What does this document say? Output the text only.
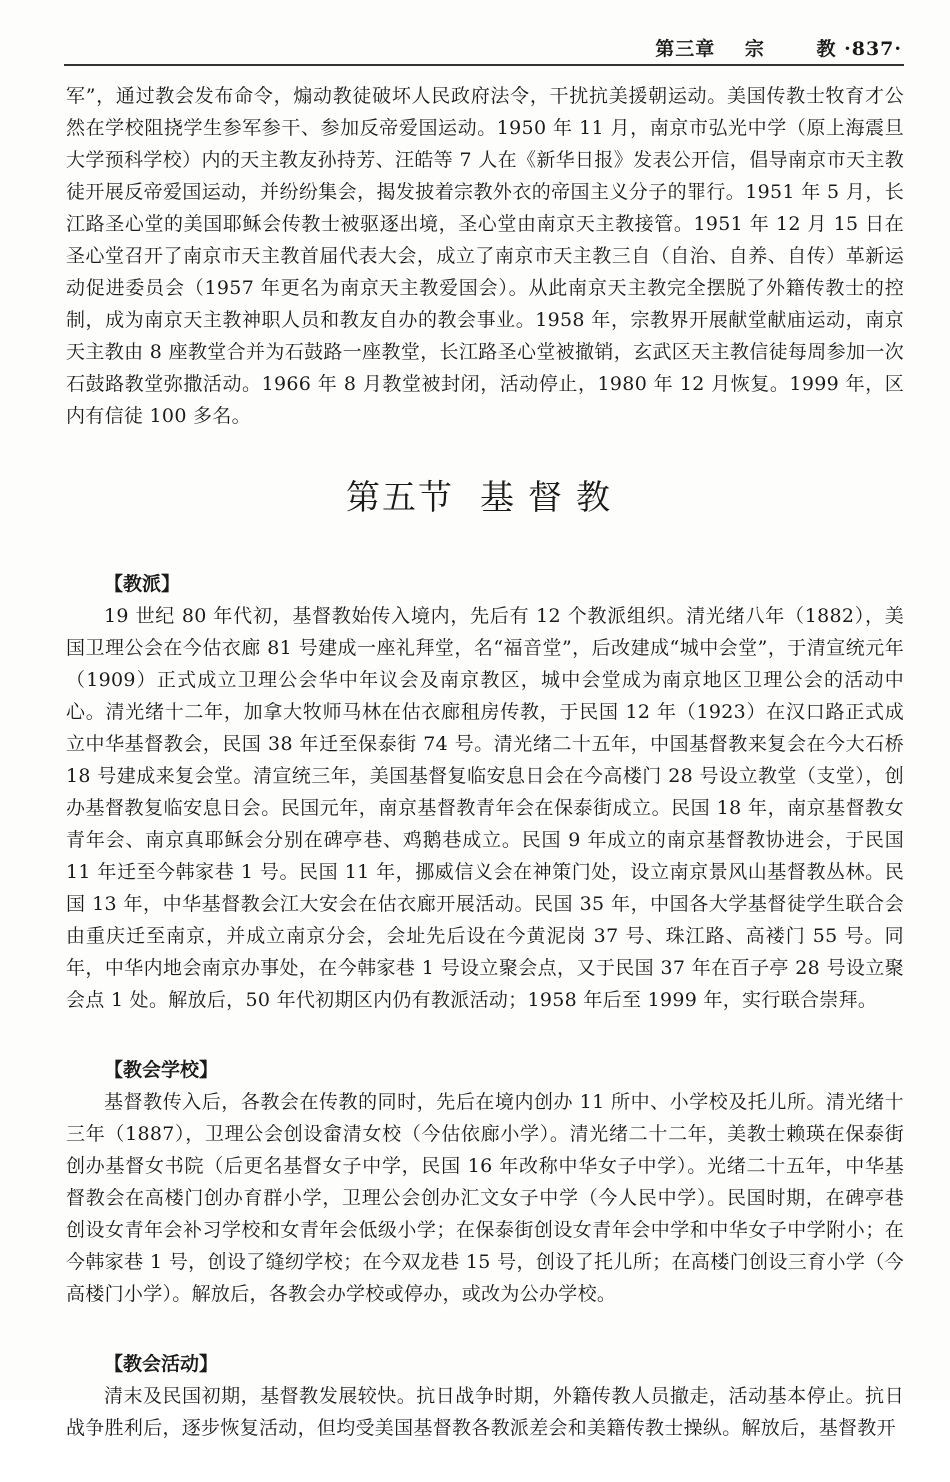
第三章 宗	教 ·837·

军”，通过教会发布命令，煽动教徒破坏人民政府法令，干扰抗美援朝运动。美国传教士牧育才公然在学校阻挠学生参军参干、参加反帝爱国运动。1950 年 11 月，南京市弘光中学（原上海震旦大学预科学校）内的天主教友孙持芳、汪皓等 7 人在《新华日报》发表公开信，倡导南京市天主教徒开展反帝爱国运动，并纷纷集会，揭发披着宗教外衣的帝国主义分子的罪行。1951 年 5 月，长江路圣心堂的美国耶稣会传教士被驱逐出境，圣心堂由南京天主教接管。1951 年 12 月 15 日在圣心堂召开了南京市天主教首届代表大会，成立了南京市天主教三自（自治、自养、自传）革新运动促进委员会（1957 年更名为南京天主教爱国会）。从此南京天主教完全摆脱了外籍传教士的控制，成为南京天主教神职人员和教友自办的教会事业。1958 年，宗教界开展献堂献庙运动，南京天主教由 8 座教堂合并为石鼓路一座教堂，长江路圣心堂被撤销，玄武区天主教信徒每周参加一次石鼓路教堂弥撒活动。1966 年 8 月教堂被封闭，活动停止，1980 年 12 月恢复。1999 年，区内有信徒 100 多名。

第五节 基督教

【教派】

19 世纪 80 年代初，基督教始传入境内，先后有 12 个教派组织。清光绪八年（1882），美国卫理公会在今估衣廊 81 号建成一座礼拜堂，名“福音堂”，后改建成“城中会堂”，于清宣统元年（1909）正式成立卫理公会华中年议会及南京教区，城中会堂成为南京地区卫理公会的活动中心。清光绪十二年，加拿大牧师马林在估衣廊租房传教，于民国 12 年（1923）在汉口路正式成立中华基督教会，民国 38 年迁至保泰街 74 号。清光绪二十五年，中国基督教来复会在今大石桥 18 号建成来复会堂。清宣统三年，美国基督复临安息日会在今高楼门 28 号设立教堂（支堂），创办基督教复临安息日会。民国元年，南京基督教青年会在保泰街成立。民国 18 年，南京基督教女青年会、南京真耶稣会分别在碑亭巷、鸡鹅巷成立。民国 9 年成立的南京基督教协进会，于民国 11 年迁至今韩家巷 1 号。民国 11 年，挪威信义会在神策门处，设立南京景风山基督教丛林。民国 13 年，中华基督教会江大安会在估衣廊开展活动。民国 35 年，中国各大学基督徒学生联合会由重庆迁至南京，并成立南京分会，会址先后设在今黄泥岗 37 号、珠江路、高褛门 55 号。同年，中华内地会南京办事处，在今韩家巷 1 号设立聚会点，又于民国 37 年在百子亭 28 号设立聚会点 1 处。解放后，50 年代初期区内仍有教派活动；1958 年后至 1999 年，实行联合崇拜。

【教会学校】

基督教传入后，各教会在传教的同时，先后在境内创办 11 所中、小学校及托儿所。清光绪十三年（1887），卫理公会创设畲清女校（今估依廊小学）。清光绪二十二年，美教士赖瑛在保泰街创办基督女书院（后更名基督女子中学，民国 16 年改称中华女子中学）。光绪二十五年，中华基督教会在高楼门创办育群小学，卫理公会创办汇文女子中学（今人民中学）。民国时期，在碑亭巷创设女青年会补习学校和女青年会低级小学；在保泰街创设女青年会中学和中华女子中学附小；在今韩家巷 1 号，创设了缝纫学校；在今双龙巷 15 号，创设了托儿所；在高楼门创设三育小学（今高楼门小学）。解放后，各教会办学校或停办，或改为公办学校。

【教会活动】

清末及民国初期，基督教发展较快。抗日战争时期，外籍传教人员撤走，活动基本停止。抗日战争胜利后，逐步恢复活动，但均受美国基督教各教派差会和美籍传教士操纵。解放后，基督教开
